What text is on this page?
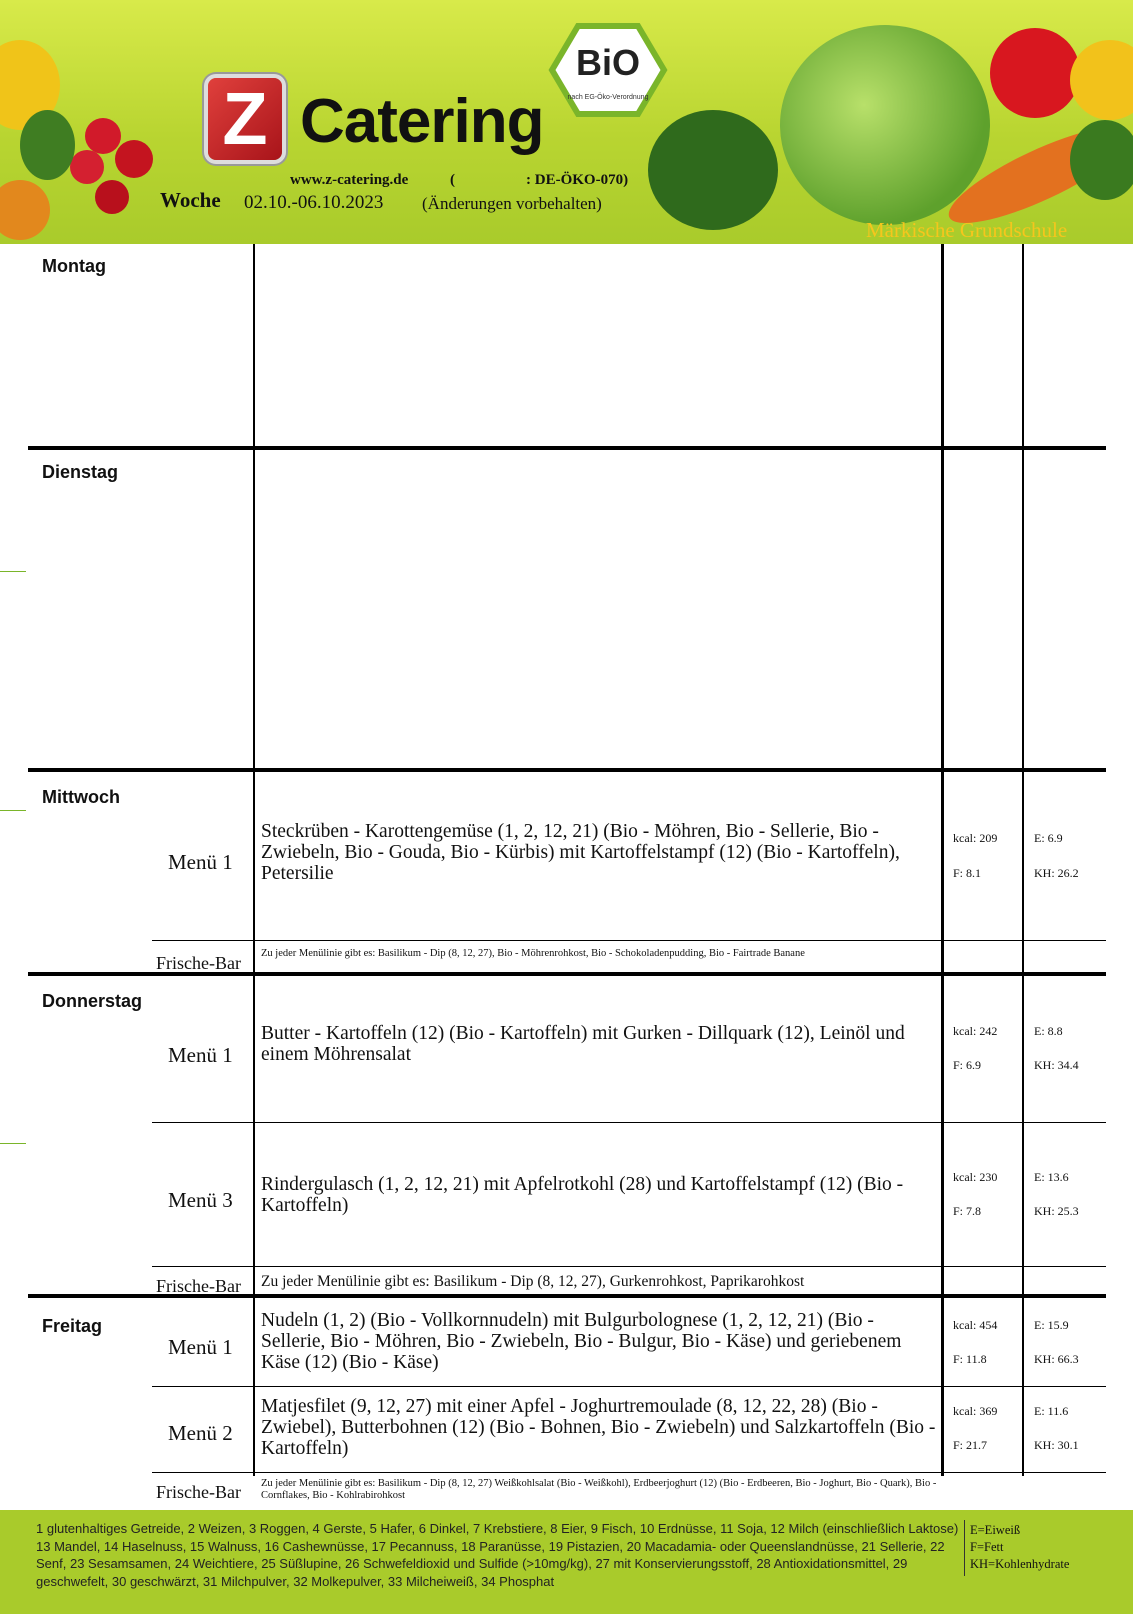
Z Catering
BiO
nach EG-Öko-Verordnung
www.z-catering.de	(	: DE-ÖKO-070)
Woche 02.10.-06.10.2023 (Änderungen vorbehalten)
Märkische Grundschule
Montag
Dienstag
Mittwoch
Menü 1
Steckrüben - Karottengemüse (1, 2, 12, 21) (Bio - Möhren, Bio - Sellerie, Bio - Zwiebeln, Bio - Gouda, Bio - Kürbis) mit Kartoffelstampf (12) (Bio - Kartoffeln), Petersilie
kcal: 209
F: 8.1
E: 6.9
KH: 26.2
Frische-Bar Zu jeder Menülinie gibt es: Basilikum - Dip (8, 12, 27), Bio - Möhrenrohkost, Bio - Schokoladenpudding, Bio - Fairtrade Banane
Donnerstag
Menü 1
Butter - Kartoffeln (12) (Bio - Kartoffeln) mit Gurken - Dillquark (12), Leinöl und einem Möhrensalat
kcal: 242
F: 6.9
E: 8.8
KH: 34.4
Menü 3
Rindergulasch (1, 2, 12, 21) mit Apfelrotkohl (28) und Kartoffelstampf (12) (Bio - Kartoffeln)
kcal: 230
F: 7.8
E: 13.6
KH: 25.3
Frische-Bar Zu jeder Menülinie gibt es: Basilikum - Dip (8, 12, 27), Gurkenrohkost, Paprikarohkost
Freitag
Menü 1
Nudeln (1, 2) (Bio - Vollkornnudeln) mit Bulgurbolognese (1, 2, 12, 21) (Bio - Sellerie, Bio - Möhren, Bio - Zwiebeln, Bio - Bulgur, Bio - Käse) und geriebenem Käse (12) (Bio - Käse)
kcal: 454
F: 11.8
E: 15.9
KH: 66.3
Menü 2
Matjesfilet (9, 12, 27) mit einer Apfel - Joghurtremoulade (8, 12, 22, 28) (Bio - Zwiebel), Butterbohnen (12) (Bio - Bohnen, Bio - Zwiebeln) und Salzkartoffeln (Bio - Kartoffeln)
kcal: 369
F: 21.7
E: 11.6
KH: 30.1
Frische-Bar Zu jeder Menülinie gibt es: Basilikum - Dip (8, 12, 27) Weißkohlsalat (Bio - Weißkohl), Erdbeerjoghurt (12) (Bio - Erdbeeren, Bio - Joghurt, Bio - Quark), Bio - Cornflakes, Bio - Kohlrabirohkost
1 glutenhaltiges Getreide, 2 Weizen, 3 Roggen, 4 Gerste, 5 Hafer, 6 Dinkel, 7 Krebstiere, 8 Eier, 9 Fisch, 10 Erdnüsse, 11 Soja, 12 Milch (einschließlich Laktose) 13 Mandel, 14 Haselnuss, 15 Walnuss, 16 Cashewnüsse, 17 Pecannuss, 18 Paranüsse, 19 Pistazien, 20 Macadamia- oder Queenslandnüsse, 21 Sellerie, 22 Senf, 23 Sesamsamen, 24 Weichtiere, 25 Süßlupine, 26 Schwefeldioxid und Sulfide (>10mg/kg), 27 mit Konservierungsstoff, 28 Antioxidationsmittel, 29 geschwefelt, 30 geschwärzt, 31 Milchpulver, 32 Molkepulver, 33 Milcheiweiß, 34 Phosphat
E=Eiweiß
F=Fett
KH=Kohlenhydrate
